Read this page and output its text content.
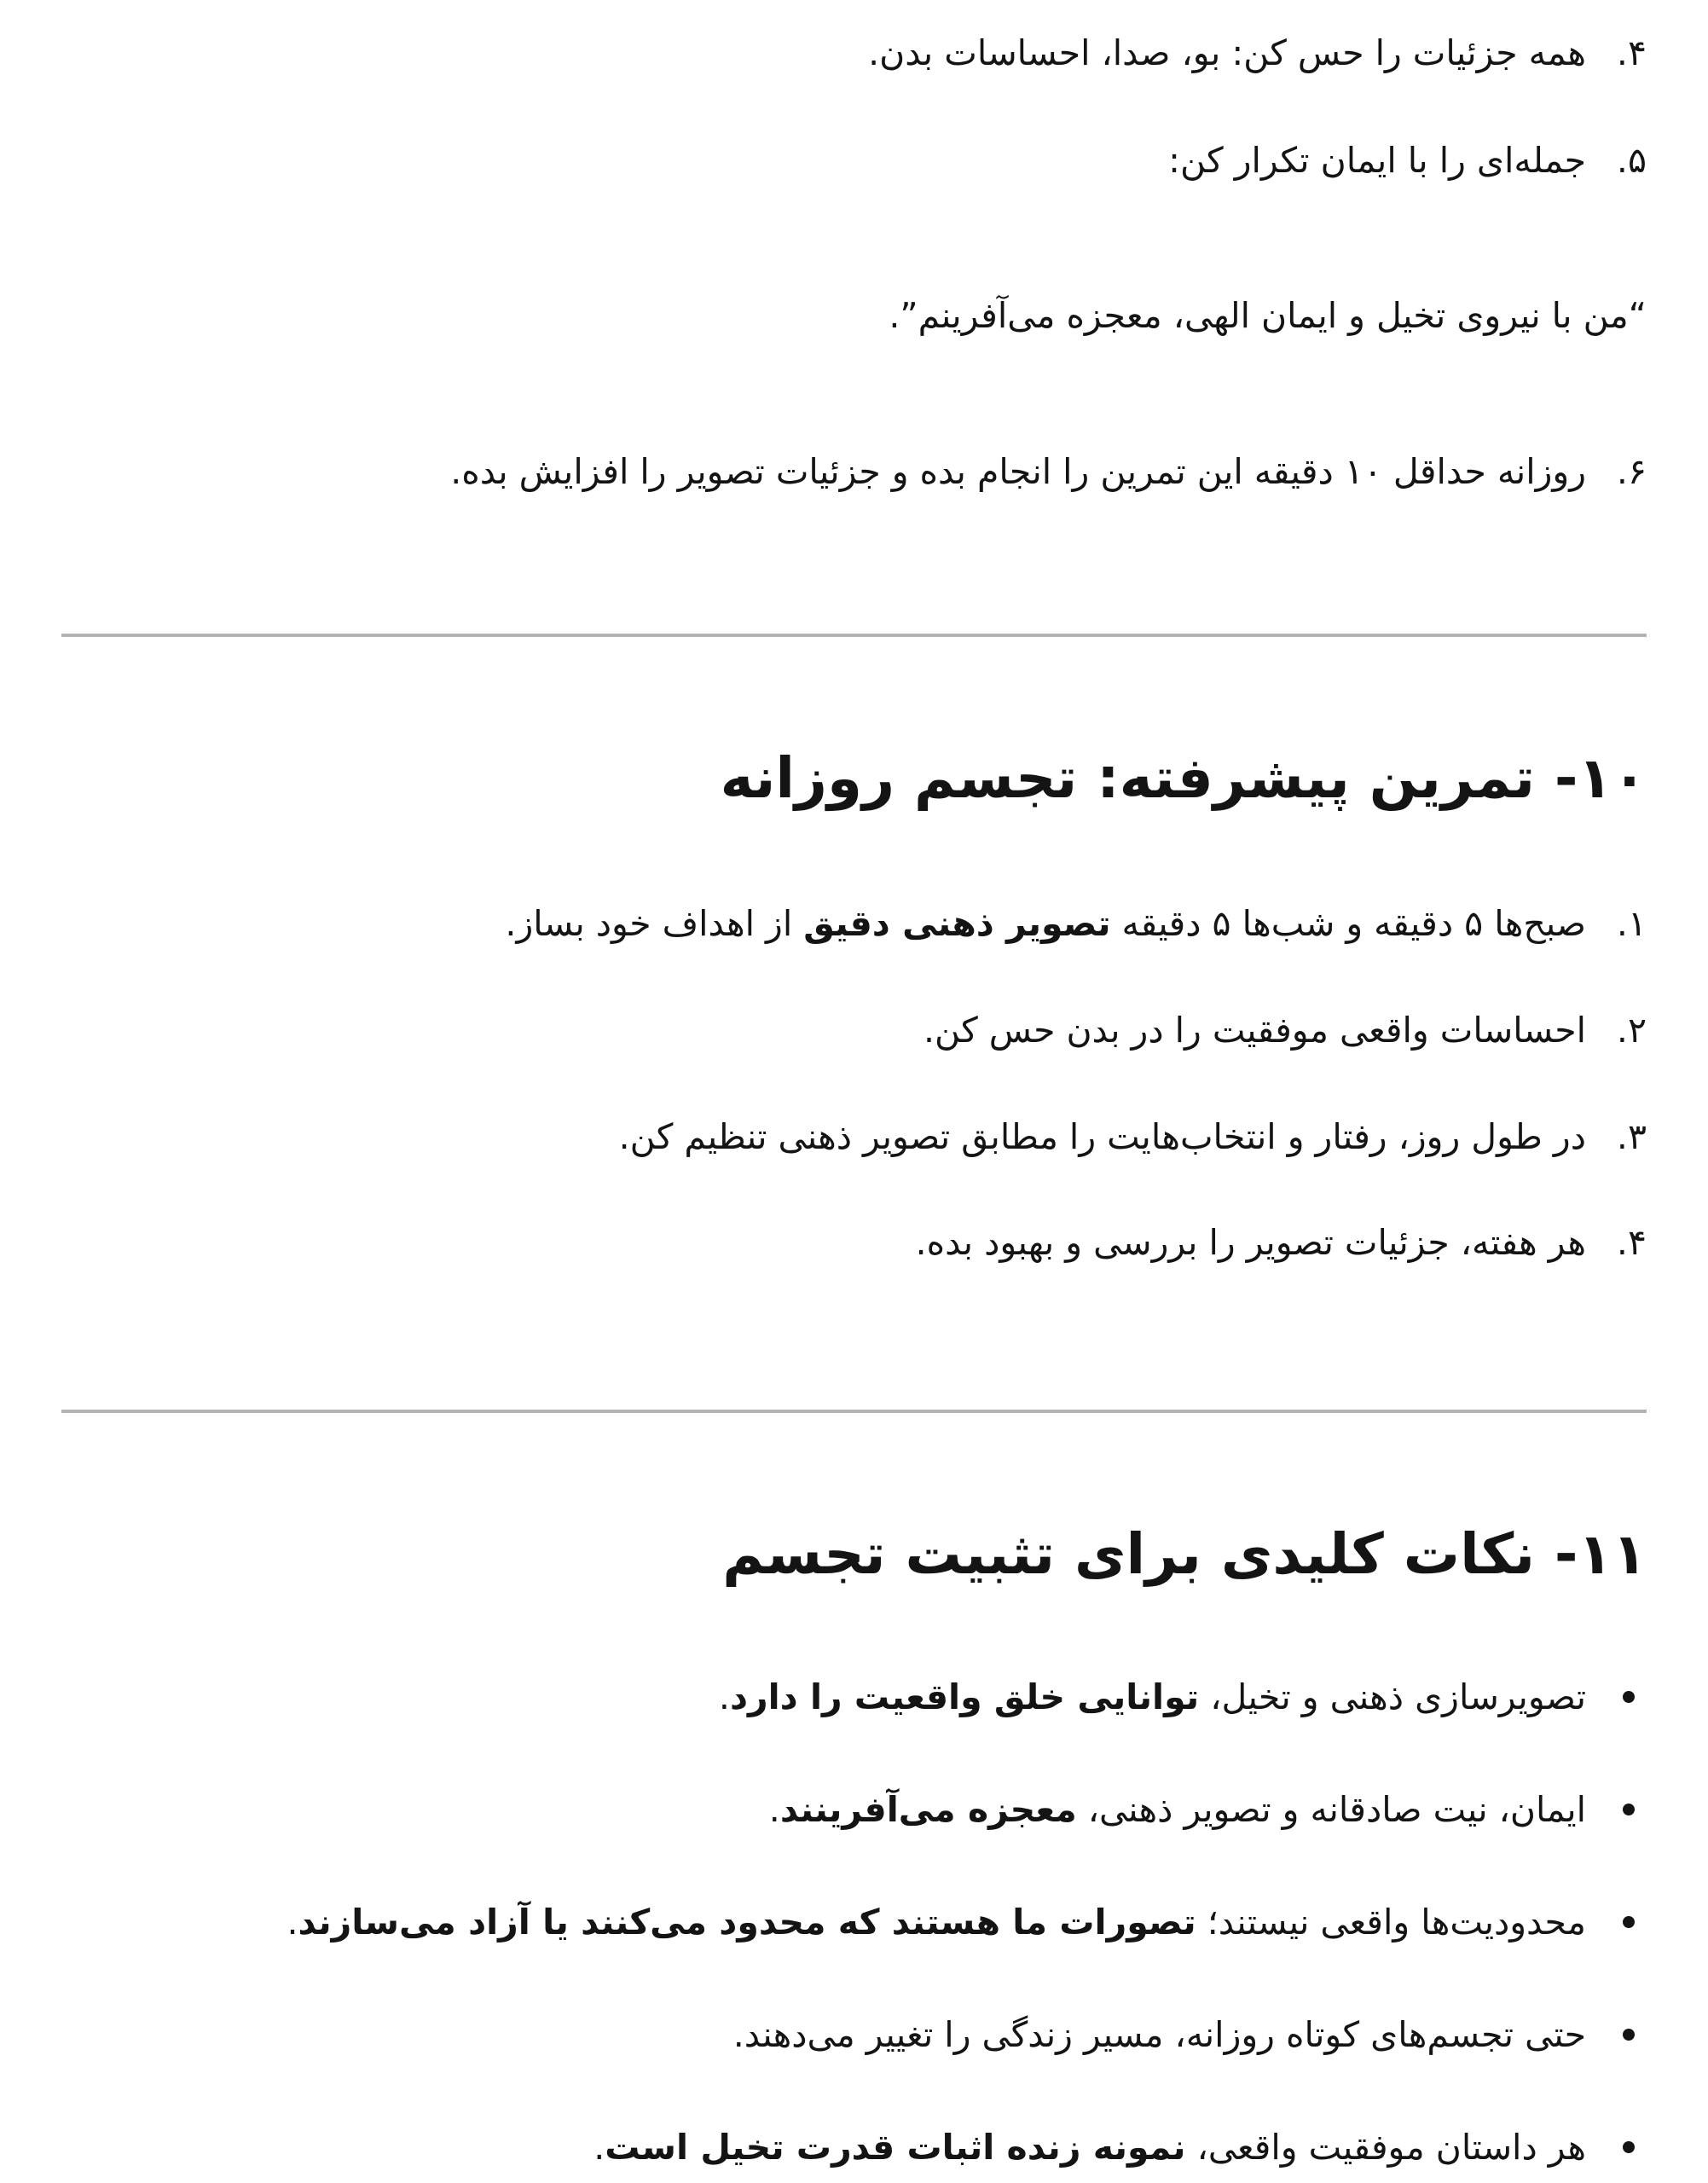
۴.
همه جزئیات را حس کن: بو، صدا، احساسات بدن.
۵.
جمله‌ای را با ایمان تکرار کن:
“من با نیروی تخیل و ایمان الهی، معجزه می‌آفرینم”.
۶.
روزانه حداقل ۱۰ دقیقه این تمرین را انجام بده و جزئیات تصویر را افزایش بده.
۱۰- تمرین پیشرفته: تجسم روزانه
۱.
صبح‌ها ۵ دقیقه و شب‌ها ۵ دقیقه تصویر ذهنی دقیق از اهداف خود بساز.
۲.
احساسات واقعی موفقیت را در بدن حس کن.
۳.
در طول روز، رفتار و انتخاب‌هایت را مطابق تصویر ذهنی تنظیم کن.
۴.
هر هفته، جزئیات تصویر را بررسی و بهبود بده.
۱۱- نکات کلیدی برای تثبیت تجسم
تصویرسازی ذهنی و تخیل، توانایی خلق واقعیت را دارد.
ایمان، نیت صادقانه و تصویر ذهنی، معجزه می‌آفرینند.
محدودیت‌ها واقعی نیستند؛ تصورات ما هستند که محدود می‌کنند یا آزاد می‌سازند.
حتی تجسم‌های کوتاه روزانه، مسیر زندگی را تغییر می‌دهند.
هر داستان موفقیت واقعی، نمونه زنده اثبات قدرت تخیل است.
